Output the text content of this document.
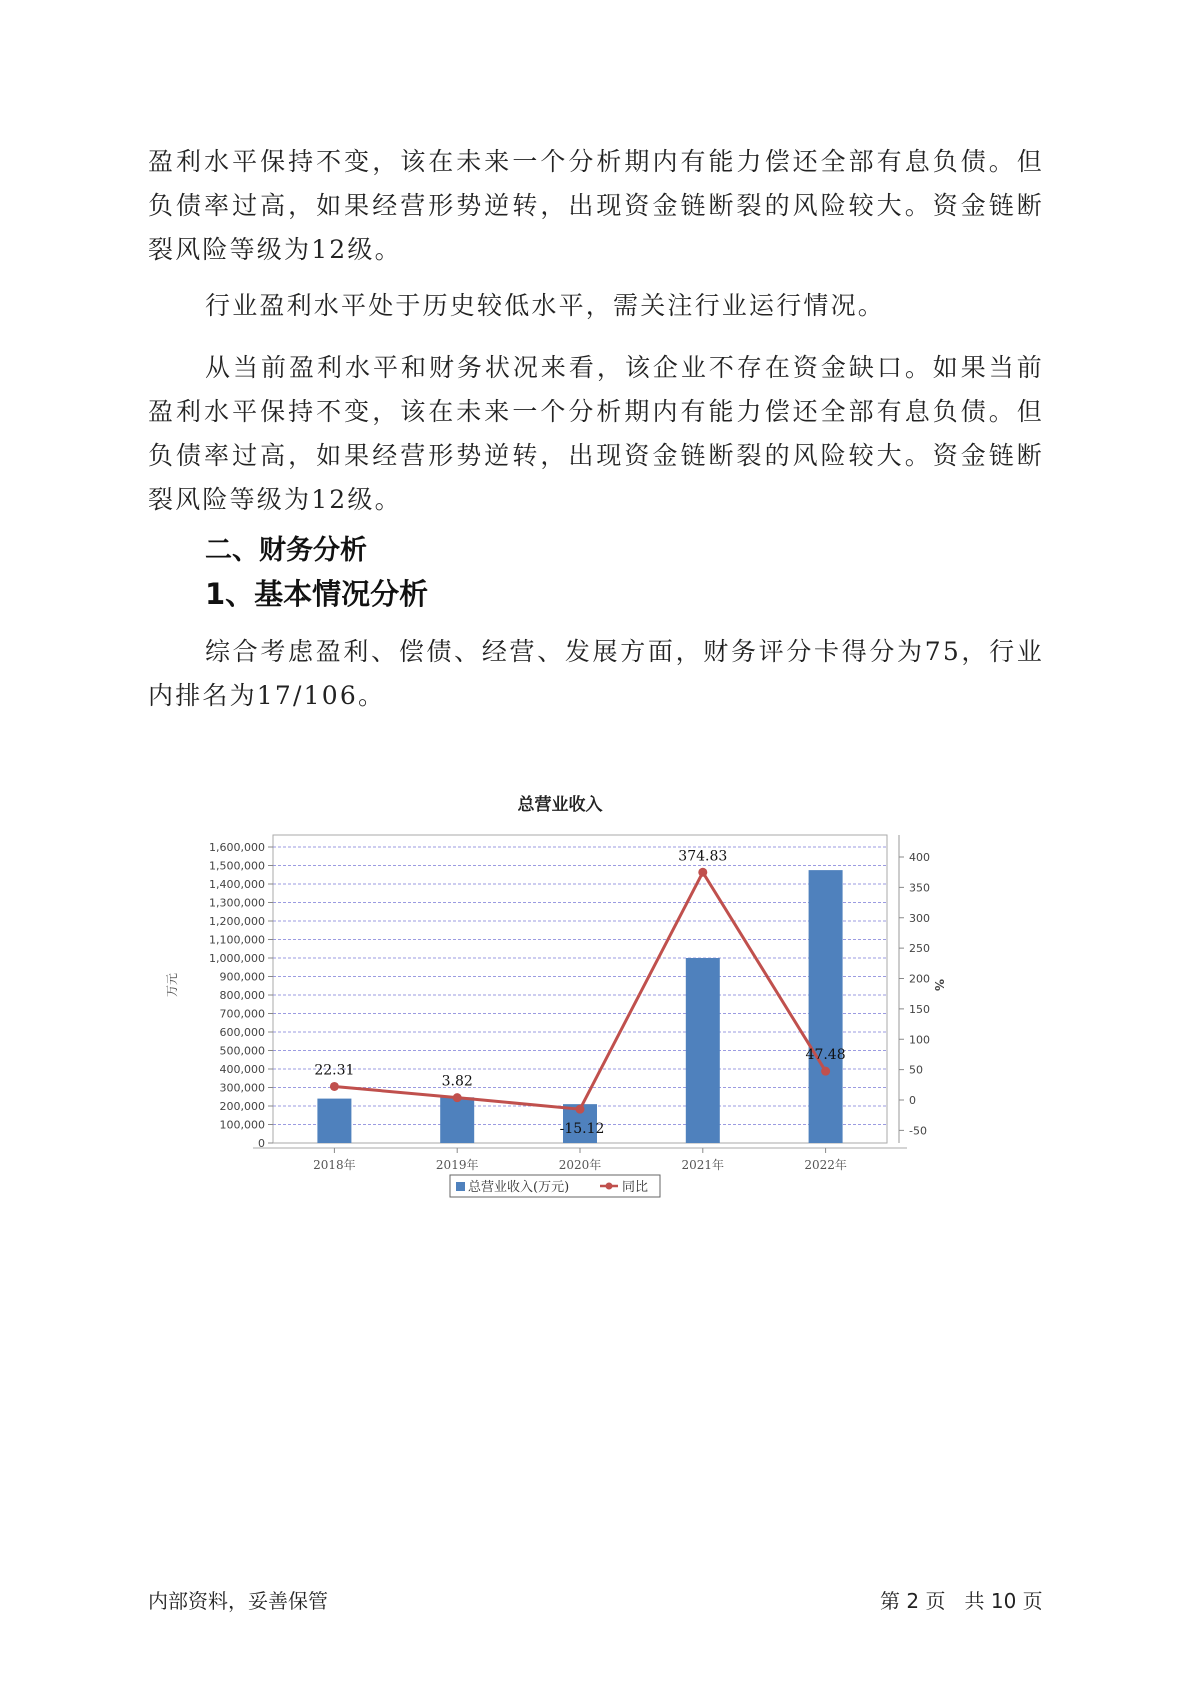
盈利水平保持不变，该在未来一个分析期内有能力偿还全部有息负债。但负债率过高，如果经营形势逆转，出现资金链断裂的风险较大。资金链断裂风险等级为12级。

行业盈利水平处于历史较低水平，需关注行业运行情况。

从当前盈利水平和财务状况来看，该企业不存在资金缺口。如果当前盈利水平保持不变，该在未来一个分析期内有能力偿还全部有息负债。但负债率过高，如果经营形势逆转，出现资金链断裂的风险较大。资金链断裂风险等级为12级。

二、财务分析
1、基本情况分析

综合考虑盈利、偿债、经营、发展方面，财务评分卡得分为75，行业内排名为17/106。

总营业收入
0
100,000
200,000
300,000
400,000
500,000
600,000
700,000
800,000
900,000
1,000,000
1,100,000
1,200,000
1,300,000
1,400,000
1,500,000
1,600,000
万元
-50
0
50
100
150
200
250
300
350
400
%
2018年	2019年	2020年	2021年	2022年
22.31
3.82
-15.12
374.83
47.48
总营业收入(万元)	同比
内部资料，妥善保管	第 2 页   共 10 页
